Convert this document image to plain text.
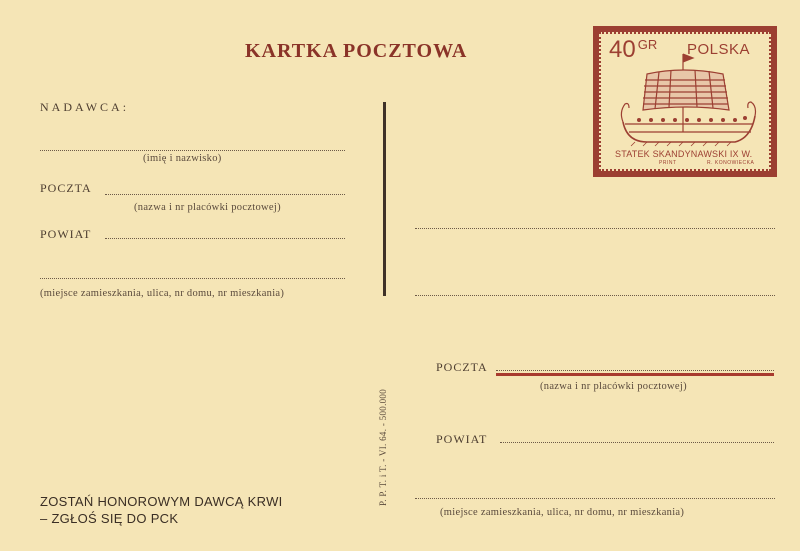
KARTKA POCZTOWA
NADAWCA:
(imię i nazwisko)
POCZTA
(nazwa i nr placówki pocztowej)
POWIAT
(miejsce zamieszkania, ulica, nr domu, nr mieszkania)
P. P. T. i T. - VI. 64. - 500.000
40 $^{GR}$ POLSKA
STATEK SKANDYNAWSKI IX W.
PRINT	R. KONOWIECKA
POCZTA
(nazwa i nr placówki pocztowej)
POWIAT
(miejsce zamieszkania, ulica, nr domu, nr mieszkania)
ZOSTAŃ HONOROWYM DAWCĄ KRWI
– ZGŁOŚ SIĘ DO PCK
